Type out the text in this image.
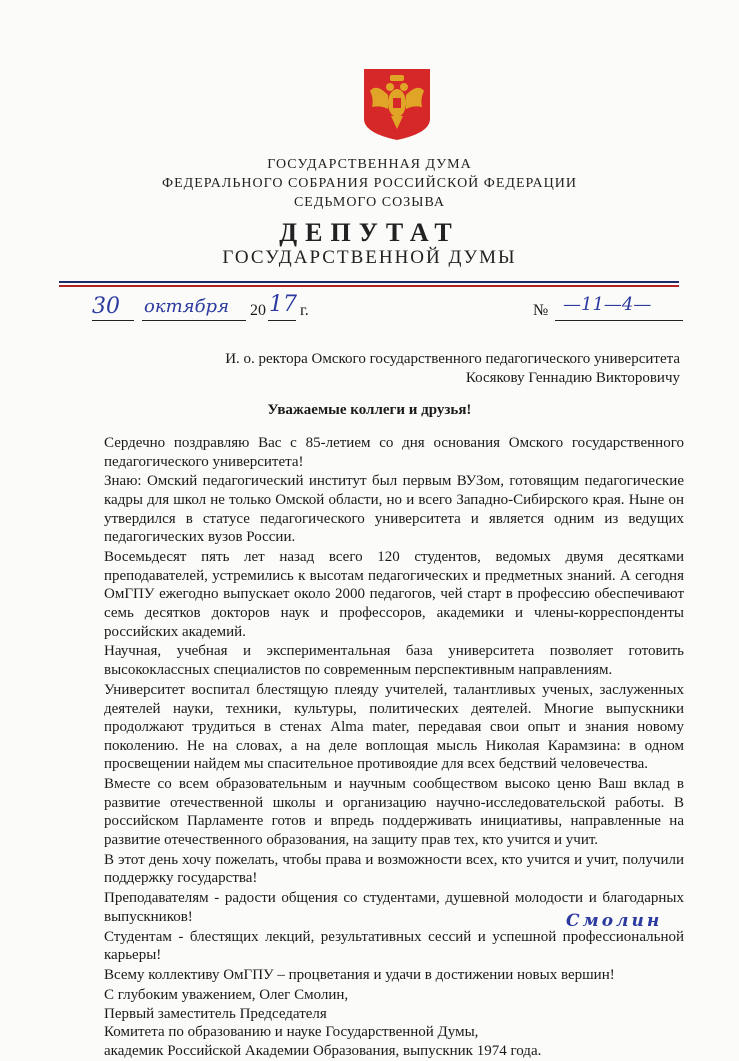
ГОСУДАРСТВЕННАЯ ДУМА
ФЕДЕРАЛЬНОГО СОБРАНИЯ РОССИЙСКОЙ ФЕДЕРАЦИИ
СЕДЬМОГО СОЗЫВА
ДЕПУТАТ
ГОСУДАРСТВЕННОЙ ДУМЫ
30 октября 20 17 г.	№ —11—4—
И. о. ректора Омского государственного педагогического университета
Косякову Геннадию Викторовичу
Уважаемые коллеги и друзья!

Сердечно поздравляю Вас с 85-летием со дня основания Омского государственного педагогического университета!

Знаю: Омский педагогический институт был первым ВУЗом, готовящим педагогические кадры для школ не только Омской области, но и всего Западно-Сибирского края. Ныне он утвердился в статусе педагогического университета и является одним из ведущих педагогических вузов России.

Восемьдесят пять лет назад всего 120 студентов, ведомых двумя десятками преподавателей, устремились к высотам педагогических и предметных знаний. А сегодня ОмГПУ ежегодно выпускает около 2000 педагогов, чей старт в профессию обеспечивают семь десятков докторов наук и профессоров, академики и члены-корреспонденты российских академий.

Научная, учебная и экспериментальная база университета позволяет готовить высококлассных специалистов по современным перспективным направлениям.

Университет воспитал блестящую плеяду учителей, талантливых ученых, заслуженных деятелей науки, техники, культуры, политических деятелей. Многие выпускники продолжают трудиться в стенах Alma mater, передавая свои опыт и знания новому поколению. Не на словах, а на деле воплощая мысль Николая Карамзина: в одном просвещении найдем мы спасительное противоядие для всех бедствий человечества.

Вместе со всем образовательным и научным сообществом высоко ценю Ваш вклад в развитие отечественной школы и организацию научно-исследовательской работы. В российском Парламенте готов и впредь поддерживать инициативы, направленные на развитие отечественного образования, на защиту прав тех, кто учится и учит.

В этот день хочу пожелать, чтобы права и возможности всех, кто учится и учит, получили поддержку государства!

Преподавателям - радости общения со студентами, душевной молодости и благодарных выпускников!

Студентам - блестящих лекций, результативных сессий и успешной профессиональной карьеры!

Всему коллективу ОмГПУ – процветания и удачи в достижении новых вершин!

С глубоким уважением, Олег Смолин,

Первый заместитель Председателя

Комитета по образованию и науке Государственной Думы,

академик Российской Академии Образования, выпускник 1974 года.

Смолин
